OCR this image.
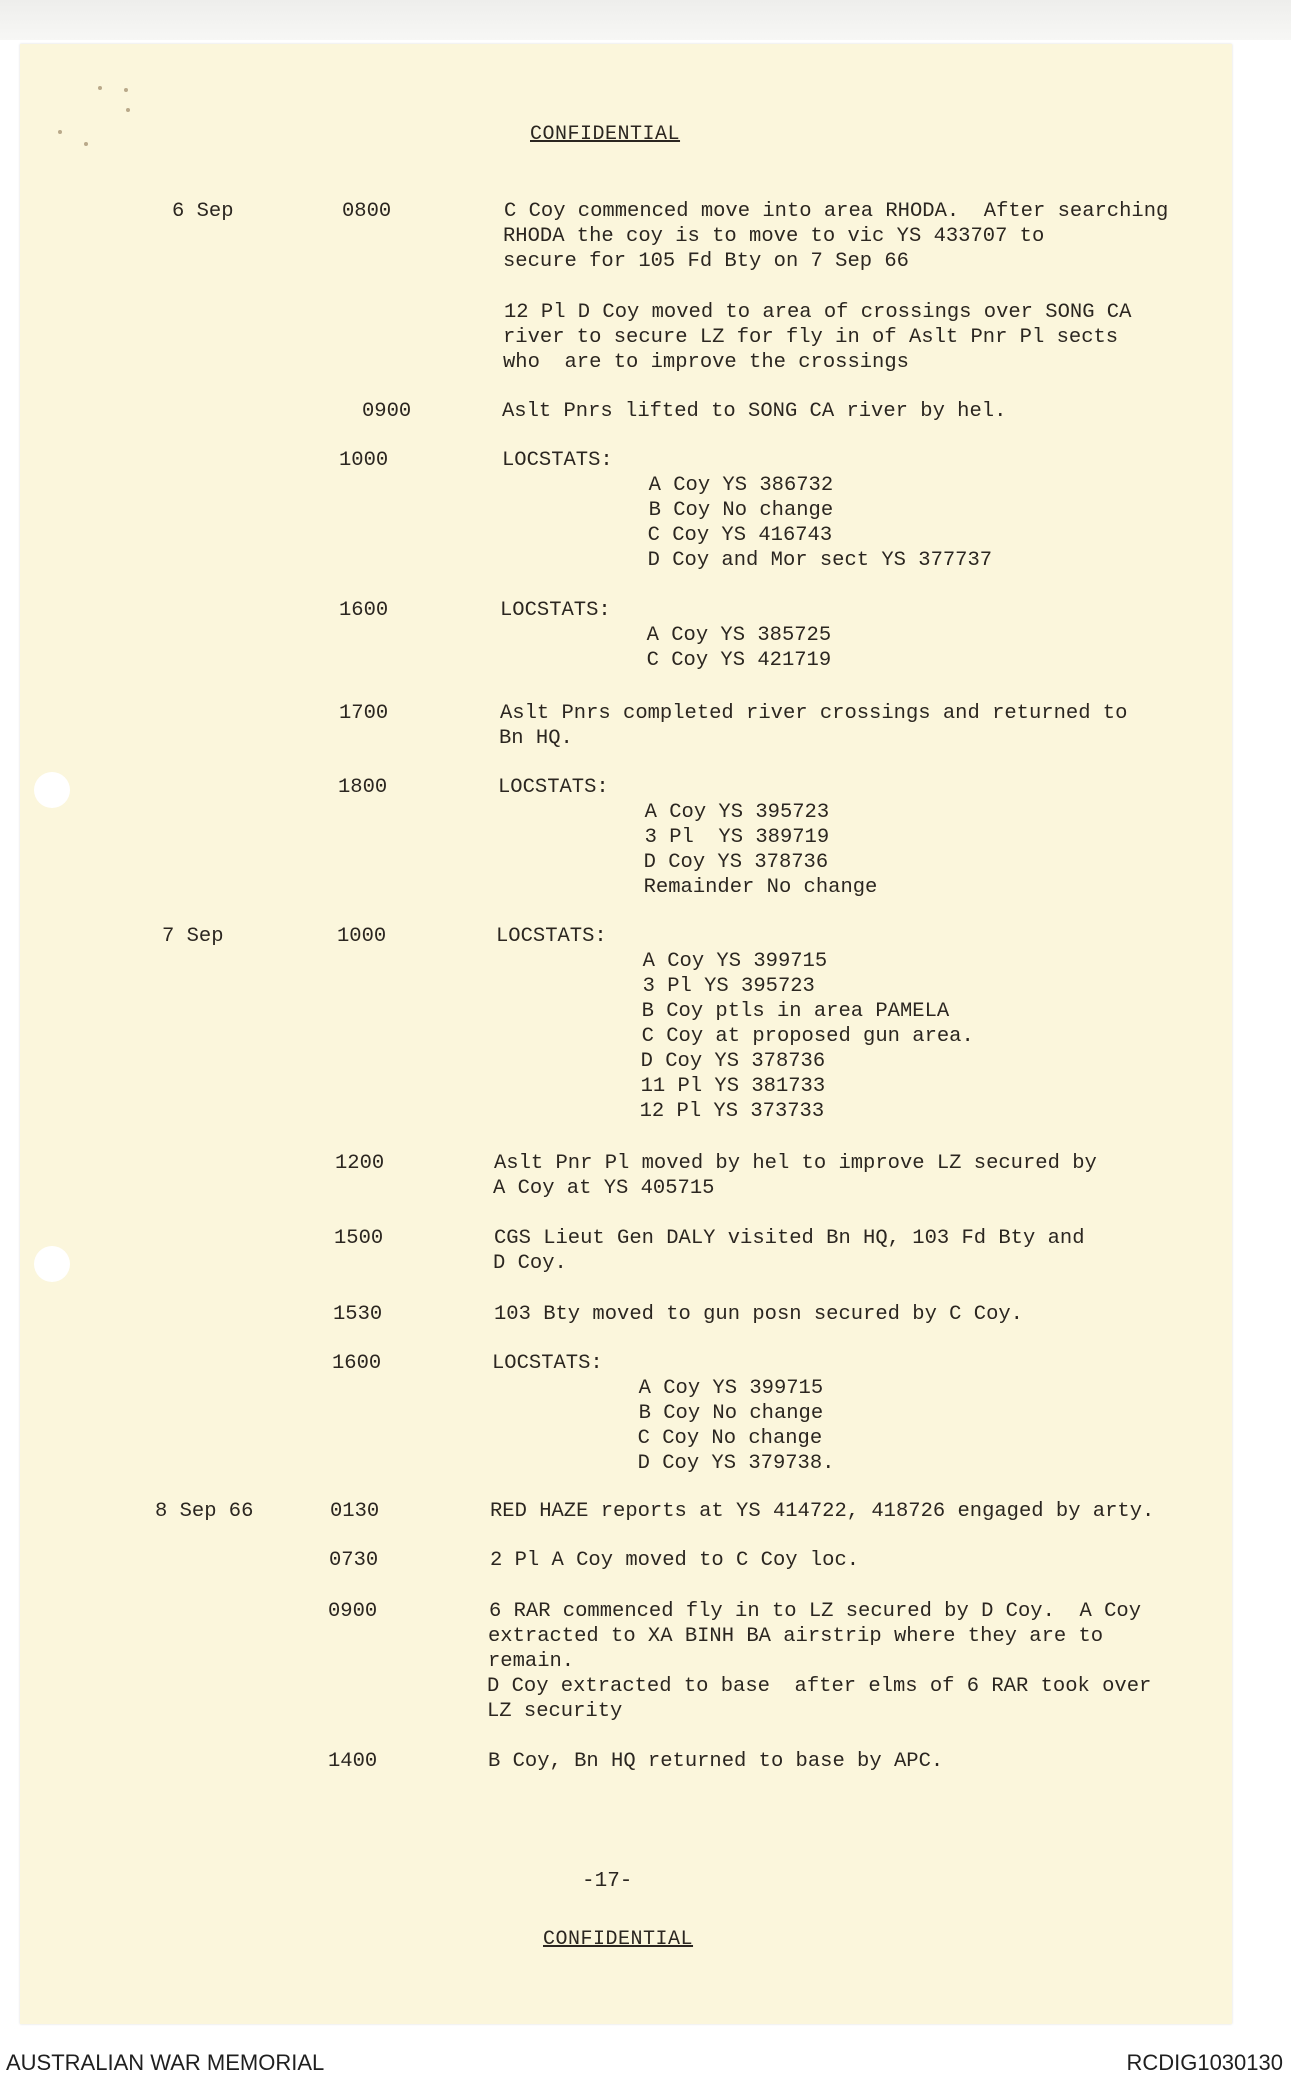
CONFIDENTIAL
6 Sep	0800	C Coy commenced move into area RHODA.  After searching
RHODA the coy is to move to vic YS 433707 to
secure for 105 Fd Bty on 7 Sep 66
12 Pl D Coy moved to area of crossings over SONG CA
river to secure LZ for fly in of Aslt Pnr Pl sects
who  are to improve the crossings
0900	Aslt Pnrs lifted to SONG CA river by hel.
1000	LOCSTATS:
A Coy YS 386732
B Coy No change
C Coy YS 416743
D Coy and Mor sect YS 377737
1600	LOCSTATS:
A Coy YS 385725
C Coy YS 421719
1700	Aslt Pnrs completed river crossings and returned to
Bn HQ.
1800	LOCSTATS:
A Coy YS 395723
3 Pl  YS 389719
D Coy YS 378736
Remainder No change
7 Sep	1000	LOCSTATS:
A Coy YS 399715
3 Pl YS 395723
B Coy ptls in area PAMELA
C Coy at proposed gun area.
D Coy YS 378736
11 Pl YS 381733
12 Pl YS 373733
1200	Aslt Pnr Pl moved by hel to improve LZ secured by
A Coy at YS 405715
1500	CGS Lieut Gen DALY visited Bn HQ, 103 Fd Bty and
D Coy.
1530	103 Bty moved to gun posn secured by C Coy.
1600	LOCSTATS:
A Coy YS 399715
B Coy No change
C Coy No change
D Coy YS 379738.
8 Sep 66	0130	RED HAZE reports at YS 414722, 418726 engaged by arty.
0730	2 Pl A Coy moved to C Coy loc.
0900	6 RAR commenced fly in to LZ secured by D Coy.  A Coy
extracted to XA BINH BA airstrip where they are to
remain.
D Coy extracted to base  after elms of 6 RAR took over
LZ security
1400	B Coy, Bn HQ returned to base by APC.
-17-
CONFIDENTIAL
AUSTRALIAN WAR MEMORIAL	RCDIG1030130
